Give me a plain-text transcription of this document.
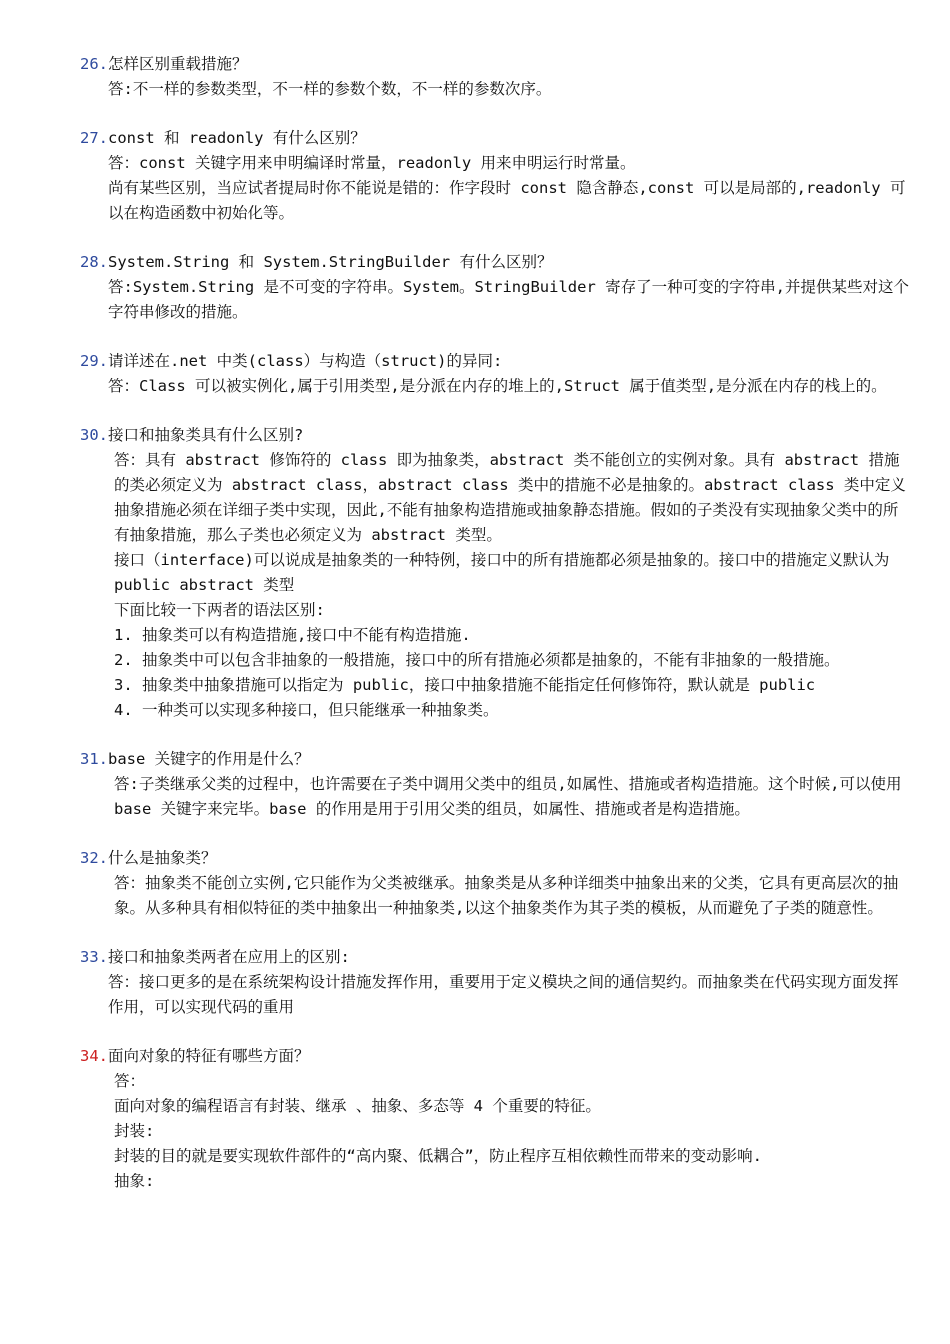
26.怎样区别重载措施？
答:不一样的参数类型，不一样的参数个数，不一样的参数次序。
27.const 和 readonly 有什么区别？
答：const 关键字用来申明编译时常量，readonly 用来申明运行时常量。
尚有某些区别，当应试者提局时你不能说是错的：作字段时 const 隐含静态,const 可以是局部的,readonly 可以在构造函数中初始化等。
28.System.String 和 System.StringBuilder 有什么区别？
答:System.String 是不可变的字符串。System。StringBuilder 寄存了一种可变的字符串,并提供某些对这个字符串修改的措施。
29.请详述在.net 中类(class）与构造（struct)的异同:
答：Class 可以被实例化,属于引用类型,是分派在内存的堆上的,Struct 属于值类型,是分派在内存的栈上的。
30.接口和抽象类具有什么区别?
答：具有 abstract 修饰符的 class 即为抽象类，abstract 类不能创立的实例对象。具有 abstract 措施的类必须定义为 abstract class，abstract class 类中的措施不必是抽象的。abstract class 类中定义抽象措施必须在详细子类中实现，因此,不能有抽象构造措施或抽象静态措施。假如的子类没有实现抽象父类中的所有抽象措施，那么子类也必须定义为 abstract 类型。
接口（interface)可以说成是抽象类的一种特例，接口中的所有措施都必须是抽象的。接口中的措施定义默认为 public abstract 类型
下面比较一下两者的语法区别:
1. 抽象类可以有构造措施,接口中不能有构造措施.
2. 抽象类中可以包含非抽象的一般措施，接口中的所有措施必须都是抽象的，不能有非抽象的一般措施。
3. 抽象类中抽象措施可以指定为 public，接口中抽象措施不能指定任何修饰符，默认就是 public
4. 一种类可以实现多种接口，但只能继承一种抽象类。
31.base 关键字的作用是什么？
答:子类继承父类的过程中，也许需要在子类中调用父类中的组员,如属性、措施或者构造措施。这个时候,可以使用 base 关键字来完毕。base 的作用是用于引用父类的组员，如属性、措施或者是构造措施。
32.什么是抽象类？
答：抽象类不能创立实例,它只能作为父类被继承。抽象类是从多种详细类中抽象出来的父类，它具有更高层次的抽象。从多种具有相似特征的类中抽象出一种抽象类,以这个抽象类作为其子类的模板，从而避免了子类的随意性。
33.接口和抽象类两者在应用上的区别:
答：接口更多的是在系统架构设计措施发挥作用，重要用于定义模块之间的通信契约。而抽象类在代码实现方面发挥作用，可以实现代码的重用
34.面向对象的特征有哪些方面？
答：
面向对象的编程语言有封装、继承 、抽象、多态等 4 个重要的特征。
封装:
封装的目的就是要实现软件部件的“高内聚、低耦合”，防止程序互相依赖性而带来的变动影响.
抽象:
